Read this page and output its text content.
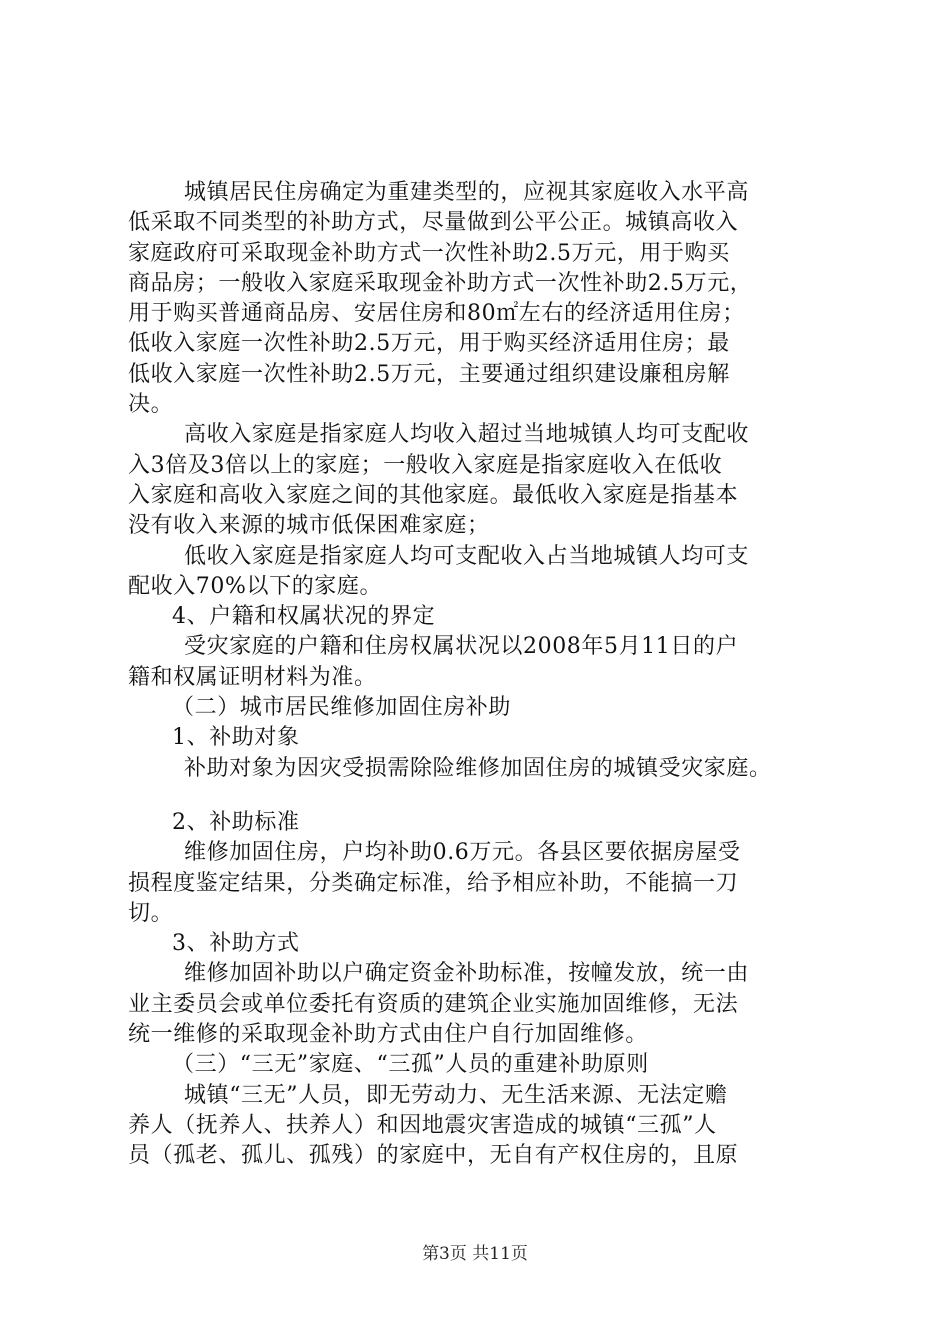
城镇居民住房确定为重建类型的，应视其家庭收入水平高
低采取不同类型的补助方式，尽量做到公平公正。城镇高收入
家庭政府可采取现金补助方式一次性补助2.5万元，用于购买
商品房；一般收入家庭采取现金补助方式一次性补助2.5万元，
用于购买普通商品房、安居住房和80㎡左右的经济适用住房；
低收入家庭一次性补助2.5万元，用于购买经济适用住房；最
低收入家庭一次性补助2.5万元，主要通过组织建设廉租房解
决。
高收入家庭是指家庭人均收入超过当地城镇人均可支配收
入3倍及3倍以上的家庭；一般收入家庭是指家庭收入在低收
入家庭和高收入家庭之间的其他家庭。最低收入家庭是指基本
没有收入来源的城市低保困难家庭；
低收入家庭是指家庭人均可支配收入占当地城镇人均可支
配收入70%以下的家庭。
4、户籍和权属状况的界定
受灾家庭的户籍和住房权属状况以2008年5月11日的户
籍和权属证明材料为准。
（二）城市居民维修加固住房补助
1、补助对象
补助对象为因灾受损需除险维修加固住房的城镇受灾家庭。
2、补助标准
维修加固住房，户均补助0.6万元。各县区要依据房屋受
损程度鉴定结果，分类确定标准，给予相应补助，不能搞一刀
切。
3、补助方式
维修加固补助以户确定资金补助标准，按幢发放，统一由
业主委员会或单位委托有资质的建筑企业实施加固维修，无法
统一维修的采取现金补助方式由住户自行加固维修。
（三）“三无”家庭、“三孤”人员的重建补助原则
城镇“三无”人员，即无劳动力、无生活来源、无法定赡
养人（抚养人、扶养人）和因地震灾害造成的城镇“三孤”人
员（孤老、孤儿、孤残）的家庭中，无自有产权住房的，且原
第3页 共11页
